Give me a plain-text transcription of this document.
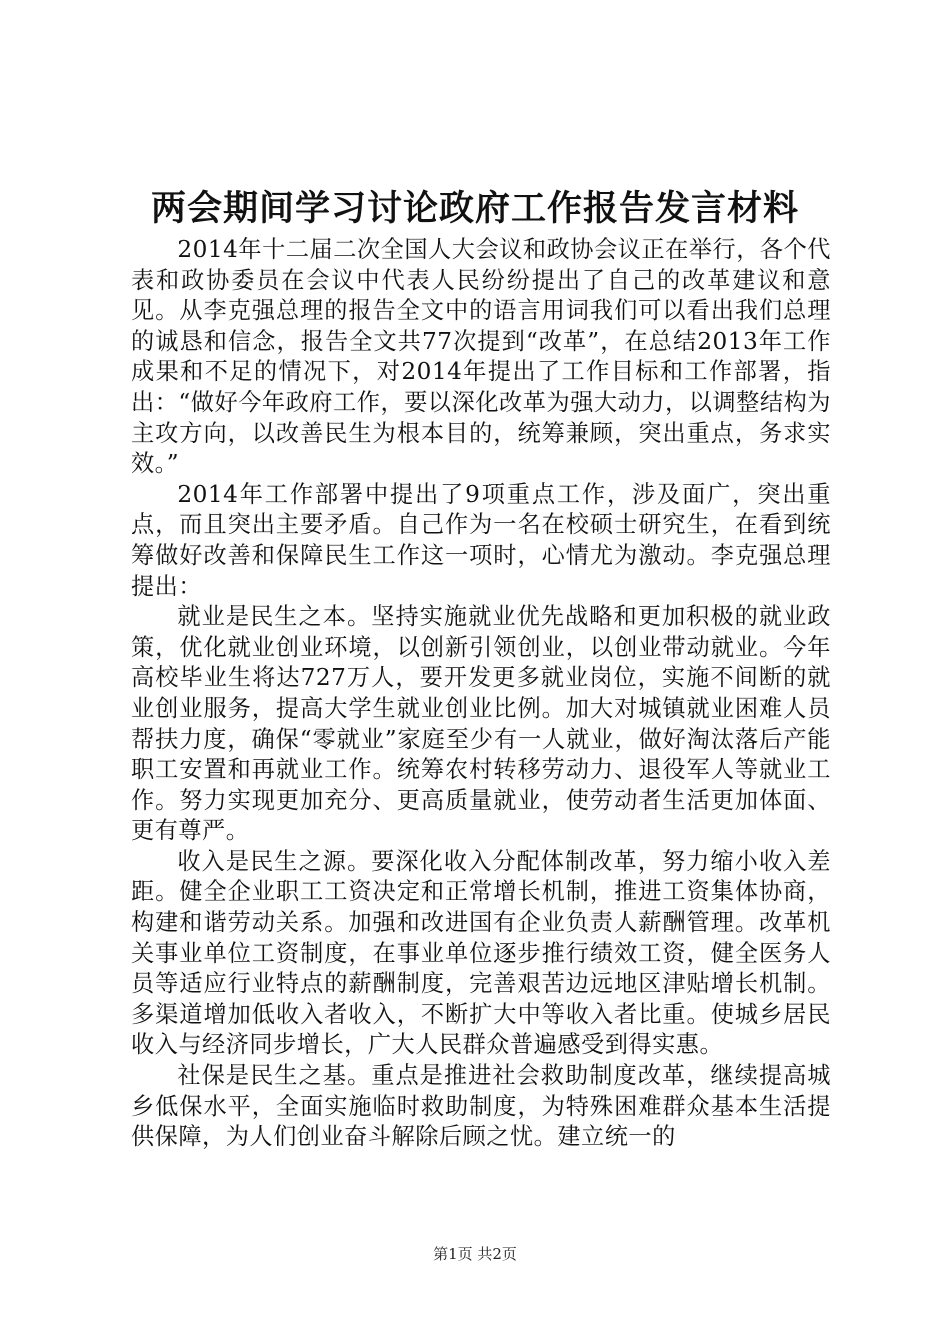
两会期间学习讨论政府工作报告发言材料

2014年十二届二次全国人大会议和政协会议正在举行，各个代表和政协委员在会议中代表人民纷纷提出了自己的改革建议和意见。从李克强总理的报告全文中的语言用词我们可以看出我们总理的诚恳和信念，报告全文共77次提到“改革”，在总结2013年工作成果和不足的情况下，对2014年提出了工作目标和工作部署，指出：“做好今年政府工作，要以深化改革为强大动力，以调整结构为主攻方向，以改善民生为根本目的，统筹兼顾，突出重点，务求实效。”

2014年工作部署中提出了9项重点工作，涉及面广，突出重点，而且突出主要矛盾。自己作为一名在校硕士研究生，在看到统筹做好改善和保障民生工作这一项时，心情尤为激动。李克强总理提出：

就业是民生之本。坚持实施就业优先战略和更加积极的就业政策，优化就业创业环境，以创新引领创业，以创业带动就业。今年高校毕业生将达727万人，要开发更多就业岗位，实施不间断的就业创业服务，提高大学生就业创业比例。加大对城镇就业困难人员帮扶力度，确保“零就业”家庭至少有一人就业，做好淘汰落后产能职工安置和再就业工作。统筹农村转移劳动力、退役军人等就业工作。努力实现更加充分、更高质量就业，使劳动者生活更加体面、更有尊严。

收入是民生之源。要深化收入分配体制改革，努力缩小收入差距。健全企业职工工资决定和正常增长机制，推进工资集体协商，构建和谐劳动关系。加强和改进国有企业负责人薪酬管理。改革机关事业单位工资制度，在事业单位逐步推行绩效工资，健全医务人员等适应行业特点的薪酬制度，完善艰苦边远地区津贴增长机制。多渠道增加低收入者收入，不断扩大中等收入者比重。使城乡居民收入与经济同步增长，广大人民群众普遍感受到得实惠。

社保是民生之基。重点是推进社会救助制度改革，继续提高城乡低保水平，全面实施临时救助制度，为特殊困难群众基本生活提供保障，为人们创业奋斗解除后顾之忧。建立统一的

第1页 共2页
